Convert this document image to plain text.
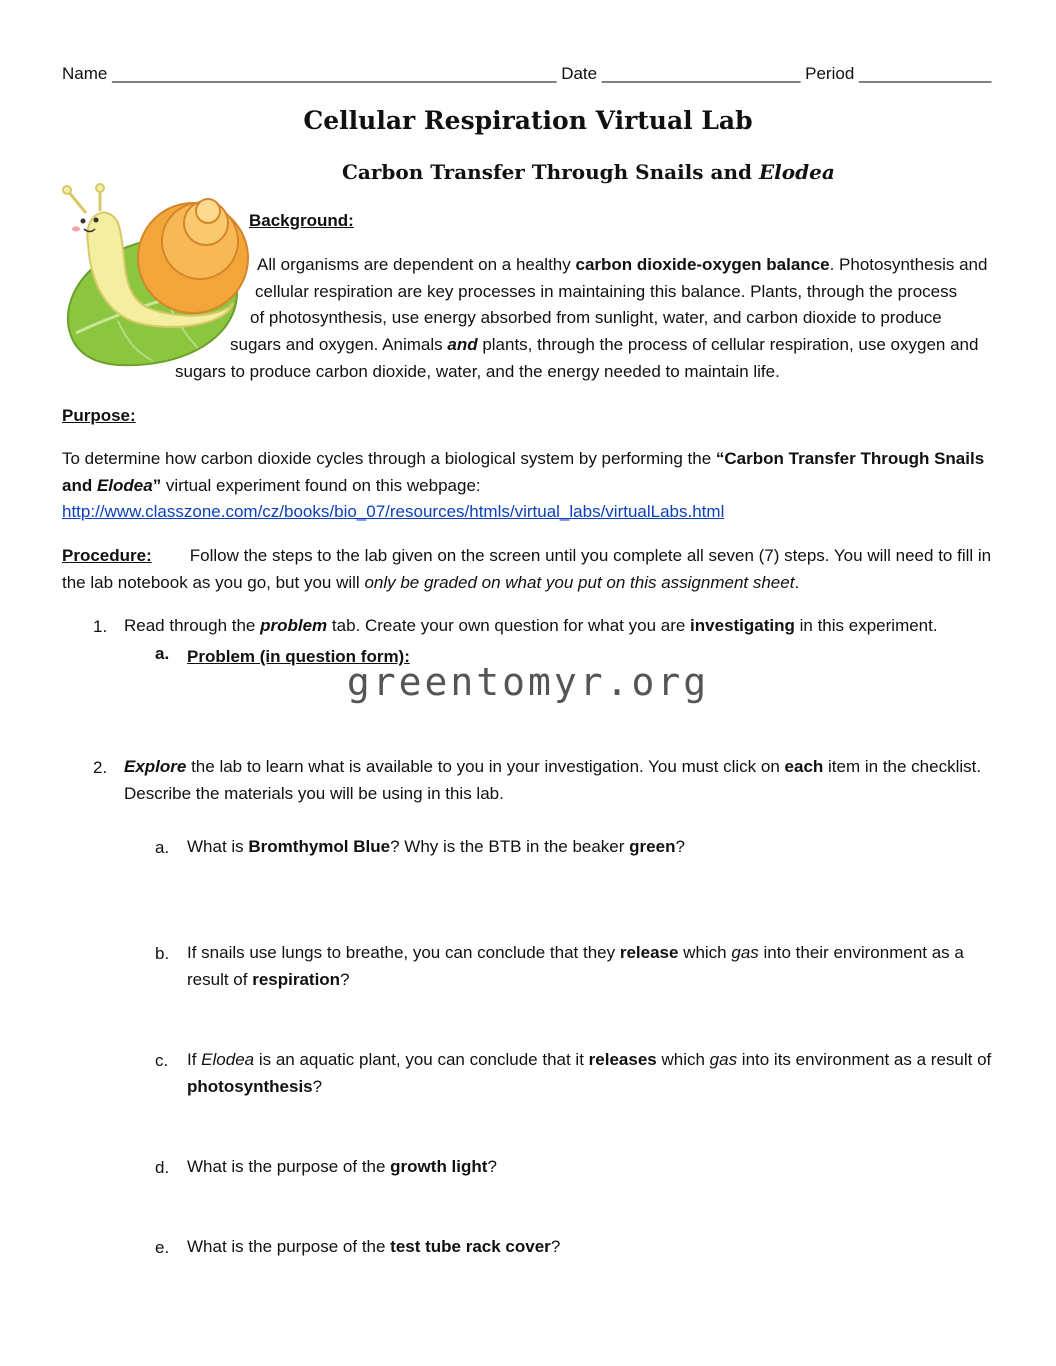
Name _______________________________________________ Date _____________________ Period ______________
Cellular Respiration Virtual Lab
Carbon Transfer Through Snails and Elodea
Background:
All organisms are dependent on a healthy carbon dioxide-oxygen balance. Photosynthesis and
cellular respiration are key processes in maintaining this balance. Plants, through the process
of photosynthesis, use energy absorbed from sunlight, water, and carbon dioxide to produce
sugars and oxygen. Animals and plants, through the process of cellular respiration, use oxygen and
sugars to produce carbon dioxide, water, and the energy needed to maintain life.
Purpose:
To determine how carbon dioxide cycles through a biological system by performing the “Carbon Transfer Through Snails and Elodea” virtual experiment found on this webpage:
http://www.classzone.com/cz/books/bio_07/resources/htmls/virtual_labs/virtualLabs.html
Procedure: Follow the steps to the lab given on the screen until you complete all seven (7) steps. You will need to fill in the lab notebook as you go, but you will only be graded on what you put on this assignment sheet.
1. Read through the problem tab. Create your own question for what you are investigating in this experiment.
a. Problem (in question form):
greentomyr.org
2. Explore the lab to learn what is available to you in your investigation. You must click on each item in the checklist. Describe the materials you will be using in this lab.
a. What is Bromthymol Blue? Why is the BTB in the beaker green?
b. If snails use lungs to breathe, you can conclude that they release which gas into their environment as a result of respiration?
c. If Elodea is an aquatic plant, you can conclude that it releases which gas into its environment as a result of photosynthesis?
d. What is the purpose of the growth light?
e. What is the purpose of the test tube rack cover?
